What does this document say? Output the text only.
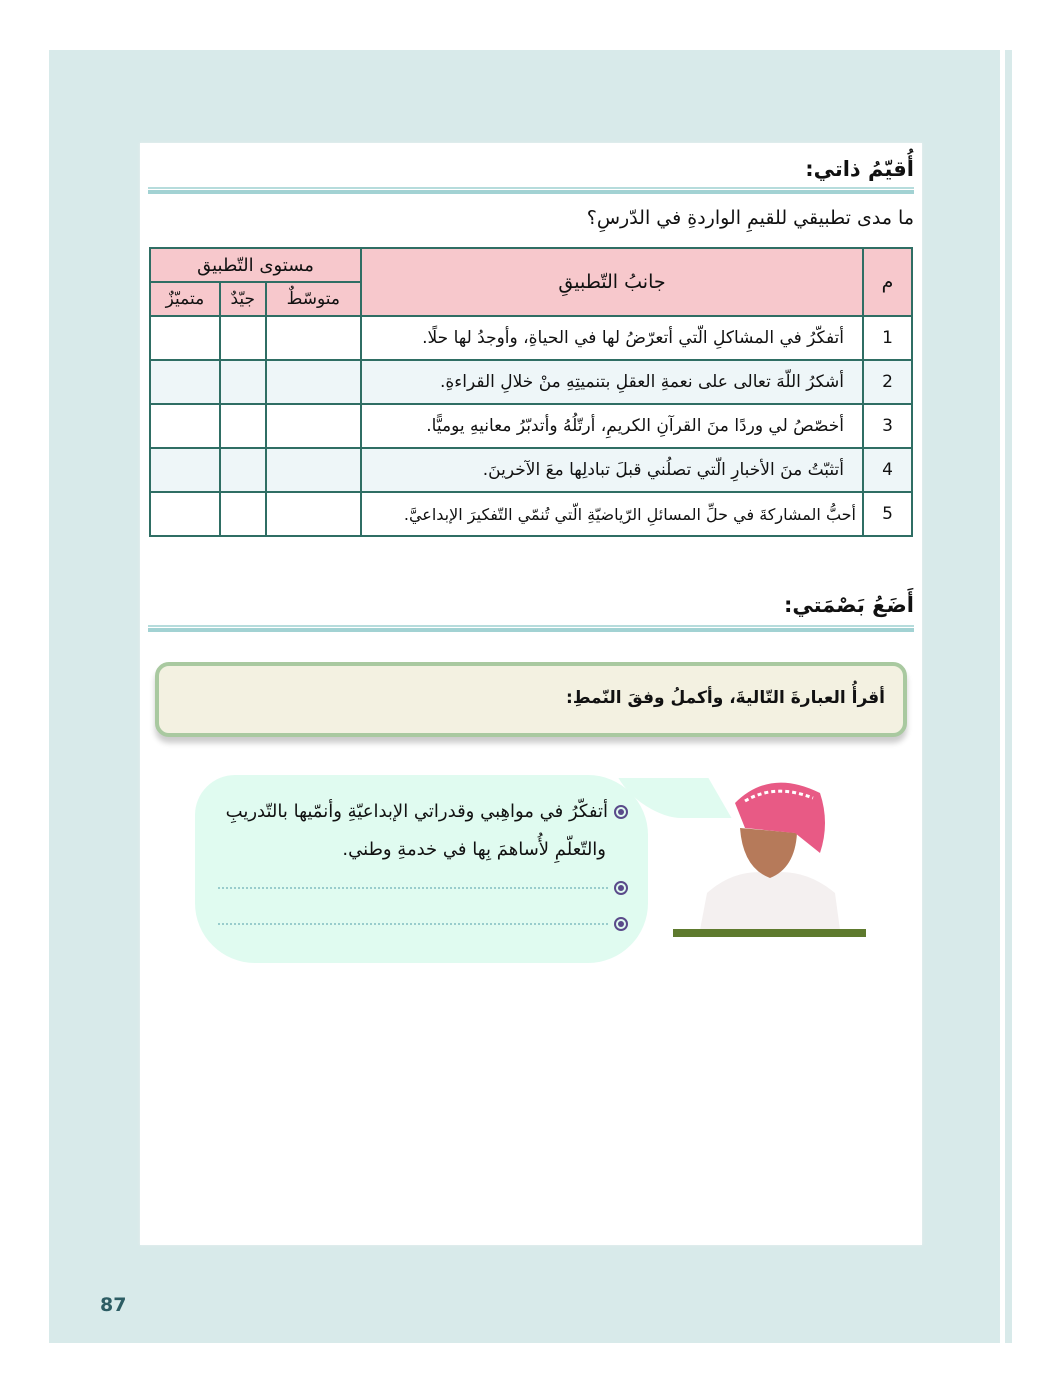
أُقيّمُ ذاتي:
ما مدى تطبيقي للقيمِ الواردةِ في الدّرسِ؟
م	جانبُ التّطبيقِ	مستوى التّطبيق		
		متوسّطٌ	جيّدٌ	متميّزٌ
1	أتفكّرُ في المشاكلِ الّتي أتعرّضُ لها في الحياةِ، وأوجدُ لها حلًا.			
2	أشكرُ اللّهَ تعالى على نعمةِ العقلِ بتنميتِهِ منْ خلالِ القراءةِ.			
3	أخصّصُ لي وردًا منَ القرآنِ الكريمِ، أرتّلُهُ وأتدبّرُ معانيهِ يوميًّا.			
4	أتثبّتُ منَ الأخبارِ الّتي تصلُني قبلَ تبادلِها معَ الآخرينَ.			
5	أحبُّ المشاركةَ في حلِّ المسائلِ الرّياضيّةِ الّتي تُنمّي التّفكيرَ الإبداعيَّ.			
أَضَعُ بَصْمَتي:
أقرأُ العبارةَ التّاليةَ، وأكملُ وفقَ النّمطِ:
أتفكّرُ في مواهِبي وقدراتي الإبداعيّةِ وأنمّيها بالتّدريبِ
والتّعلّمِ لأُساهمَ بِها في خدمةِ وطني.
87
